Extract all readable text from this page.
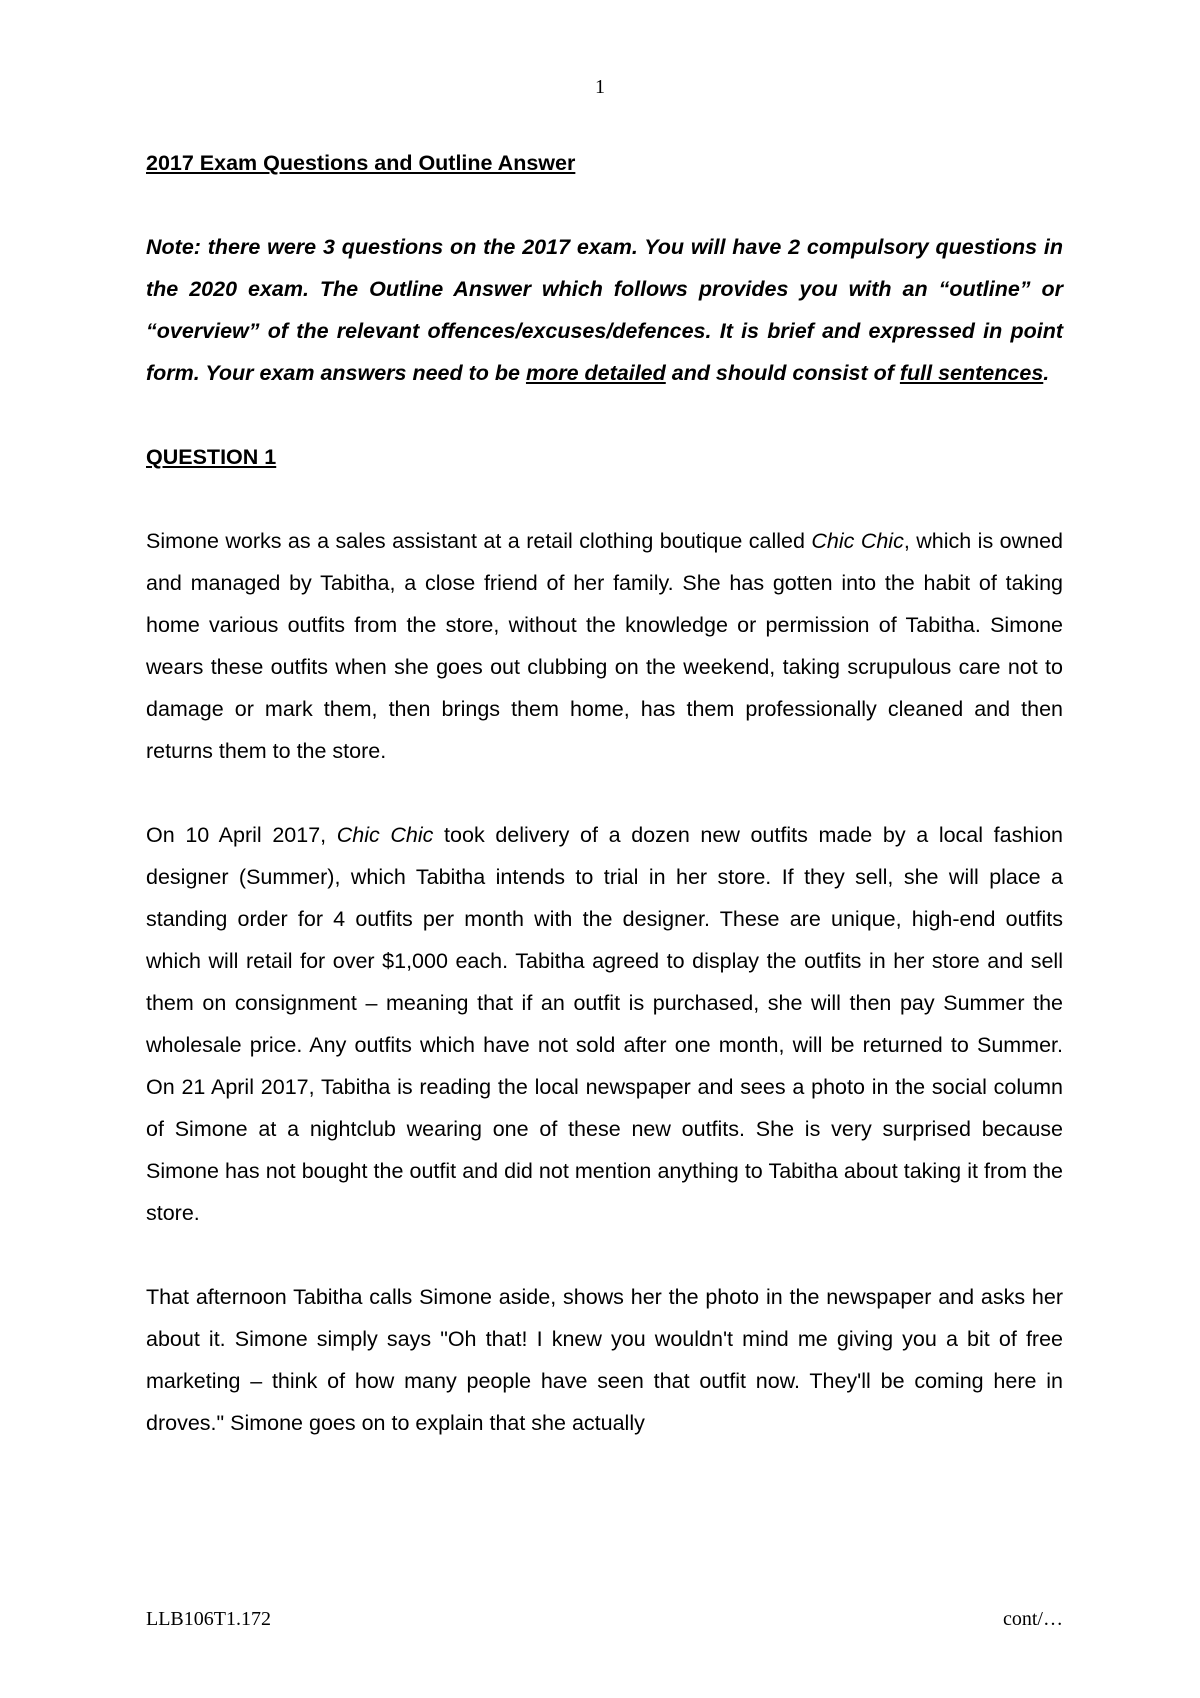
1

2017 Exam Questions and Outline Answer

Note: there were 3 questions on the 2017 exam. You will have 2 compulsory questions in the 2020 exam. The Outline Answer which follows provides you with an “outline” or “overview” of the relevant offences/excuses/defences. It is brief and expressed in point form. Your exam answers need to be more detailed and should consist of full sentences.

QUESTION 1

Simone works as a sales assistant at a retail clothing boutique called Chic Chic, which is owned and managed by Tabitha, a close friend of her family. She has gotten into the habit of taking home various outfits from the store, without the knowledge or permission of Tabitha. Simone wears these outfits when she goes out clubbing on the weekend, taking scrupulous care not to damage or mark them, then brings them home, has them professionally cleaned and then returns them to the store.

On 10 April 2017, Chic Chic took delivery of a dozen new outfits made by a local fashion designer (Summer), which Tabitha intends to trial in her store. If they sell, she will place a standing order for 4 outfits per month with the designer. These are unique, high-end outfits which will retail for over $1,000 each. Tabitha agreed to display the outfits in her store and sell them on consignment – meaning that if an outfit is purchased, she will then pay Summer the wholesale price. Any outfits which have not sold after one month, will be returned to Summer. On 21 April 2017, Tabitha is reading the local newspaper and sees a photo in the social column of Simone at a nightclub wearing one of these new outfits. She is very surprised because Simone has not bought the outfit and did not mention anything to Tabitha about taking it from the store.

That afternoon Tabitha calls Simone aside, shows her the photo in the newspaper and asks her about it. Simone simply says "Oh that! I knew you wouldn't mind me giving you a bit of free marketing – think of how many people have seen that outfit now. They'll be coming here in droves." Simone goes on to explain that she actually

LLB106T1.172	cont/…
